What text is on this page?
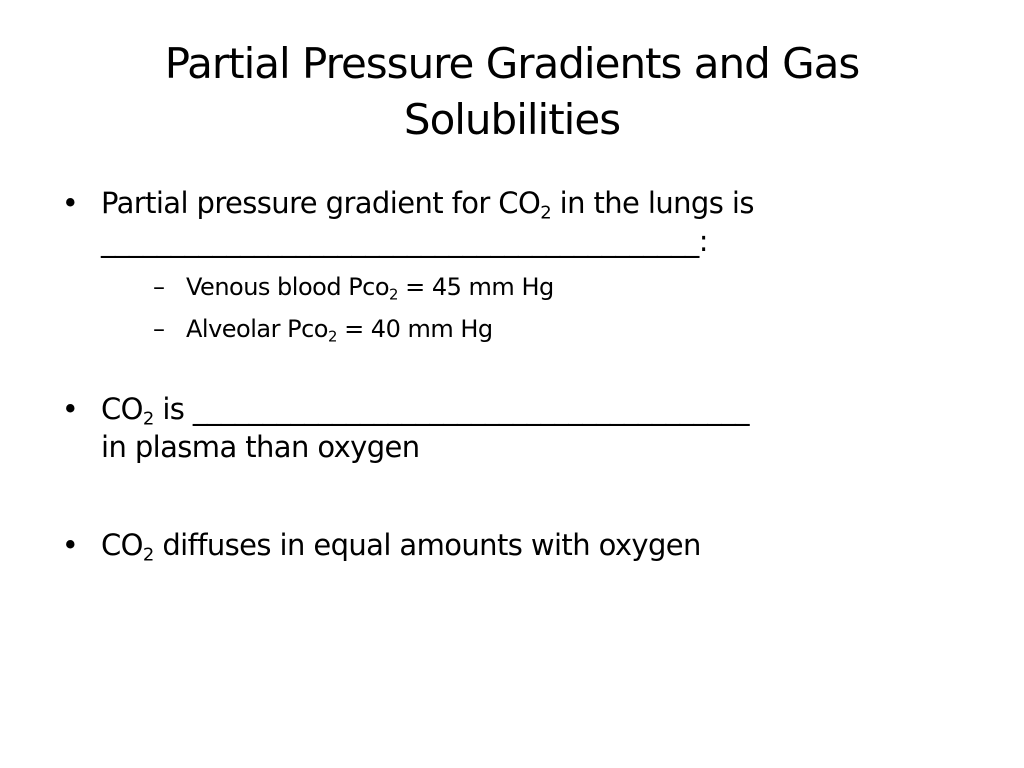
Partial Pressure Gradients and Gas Solubilities
• Partial pressure gradient for $CO_2$ in the lungs is
___________________________________________:
– Venous blood Pco$_2$ = 45 mm Hg
– Alveolar Pco$_2$ = 40 mm Hg
• $CO_2$ is ________________________________________
in plasma than oxygen
• $CO_2$ diffuses in equal amounts with oxygen
